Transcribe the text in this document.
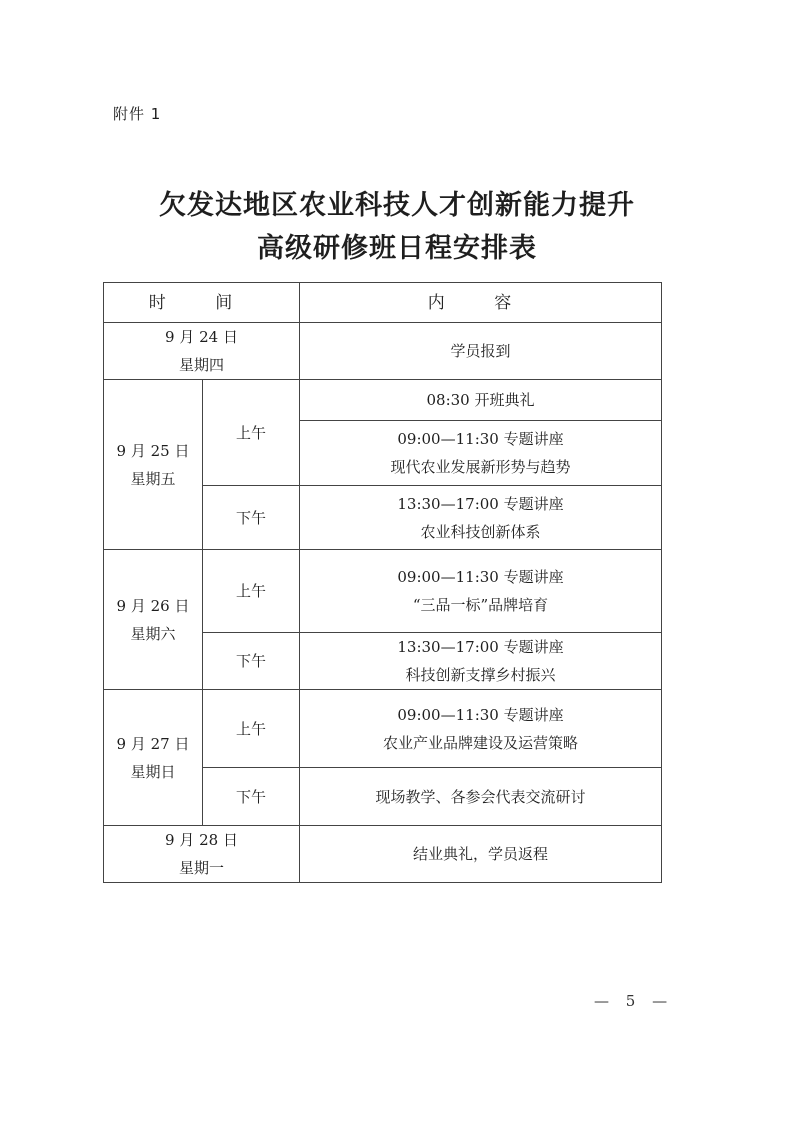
附件 1
欠发达地区农业科技人才创新能力提升
高级研修班日程安排表
时 间		内 容

9 月 24 日
星期四		学员报到

9 月 25 日
星期五	上午	08:30 开班典礼

		09:00—11:30 专题讲座
现代农业发展新形势与趋势

	下午	13:30—17:00 专题讲座
农业科技创新体系

9 月 26 日
星期六	上午	09:00—11:30 专题讲座
“三品一标”品牌培育

	下午	13:30—17:00 专题讲座
科技创新支撑乡村振兴

9 月 27 日
星期日	上午	09:00—11:30 专题讲座
农业产业品牌建设及运营策略

	下午	现场教学、各参会代表交流研讨

9 月 28 日
星期一		结业典礼，学员返程
— 5 —
